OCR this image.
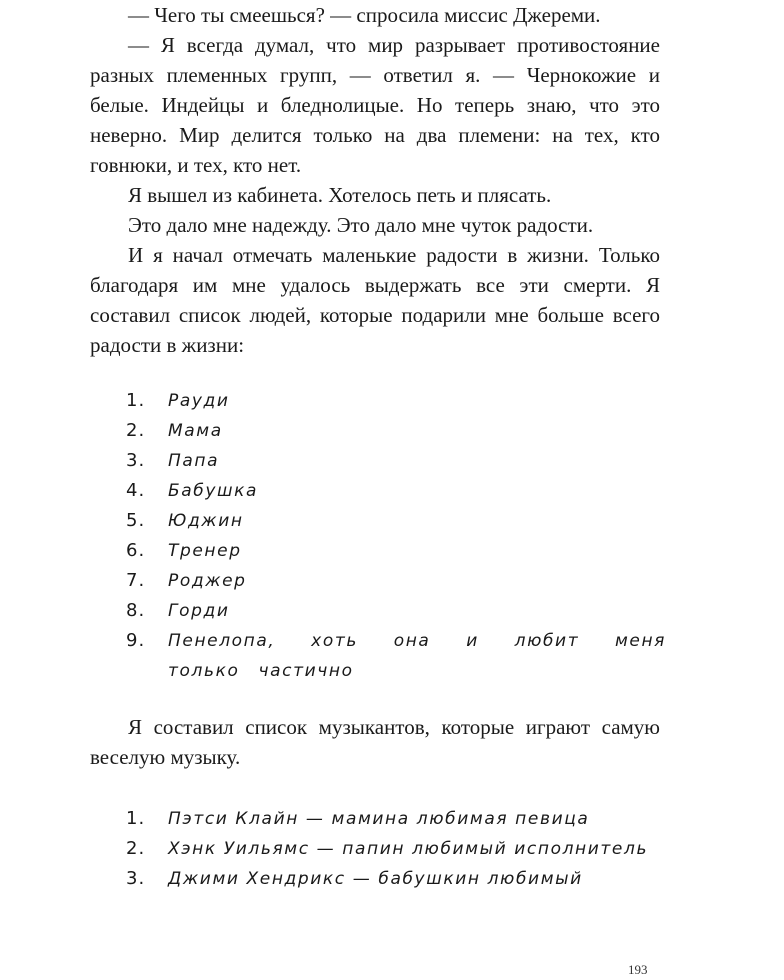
— Чего ты смеешься? — спросила миссис Джереми.

— Я всегда думал, что мир разрывает противостояние разных племенных групп, — ответил я. — Чернокожие и белые. Индейцы и бледнолицые. Но теперь знаю, что это неверно. Мир делится только на два племени: на тех, кто говнюки, и тех, кто нет.

Я вышел из кабинета. Хотелось петь и плясать.

Это дало мне надежду. Это дало мне чуток радости.

И я начал отмечать маленькие радости в жизни. Только благодаря им мне удалось выдержать все эти смерти. Я составил список людей, которые подарили мне больше всего радости в жизни:

1.	Рауди
2.	Мама
3.	Папа
4.	Бабушка
5.	Юджин
6.	Тренер
7.	Роджер
8.	Горди
9.	Пенелопа, хоть она и любит меня только частично

Я составил список музыкантов, которые играют самую веселую музыку.

1.	Пэтси Клайн — мамина любимая певица
2.	Хэнк Уильямс — папин любимый исполнитель
3.	Джими Хендрикс — бабушкин любимый
193
